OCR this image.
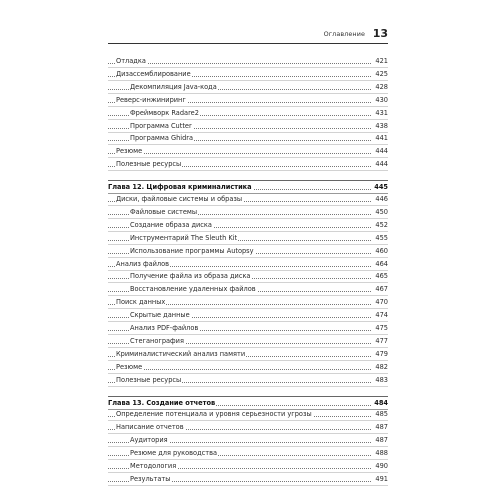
Оглавление 13
Отладка	421
Дизассемблирование	425
Декомпиляция Java-кода	428
Реверс-инжиниринг	430
Фреймворк Radare2	431
Программа Cutter	438
Программа Ghidra	441
Резюме	444
Полезные ресурсы	444
Глава 12. Цифровая криминалистика	445
Диски, файловые системы и образы	446
Файловые системы	450
Создание образа диска	452
Инструментарий The Sleuth Kit	455
Использование программы Autopsy	460
Анализ файлов	464
Получение файла из образа диска	465
Восстановление удаленных файлов	467
Поиск данных	470
Скрытые данные	474
Анализ PDF-файлов	475
Стеганография	477
Криминалистический анализ памяти	479
Резюме	482
Полезные ресурсы	483
Глава 13. Создание отчетов	484
Определение потенциала и уровня серьезности угрозы	485
Написание отчетов	487
Аудитория	487
Резюме для руководства	488
Методология	490
Результаты	491
